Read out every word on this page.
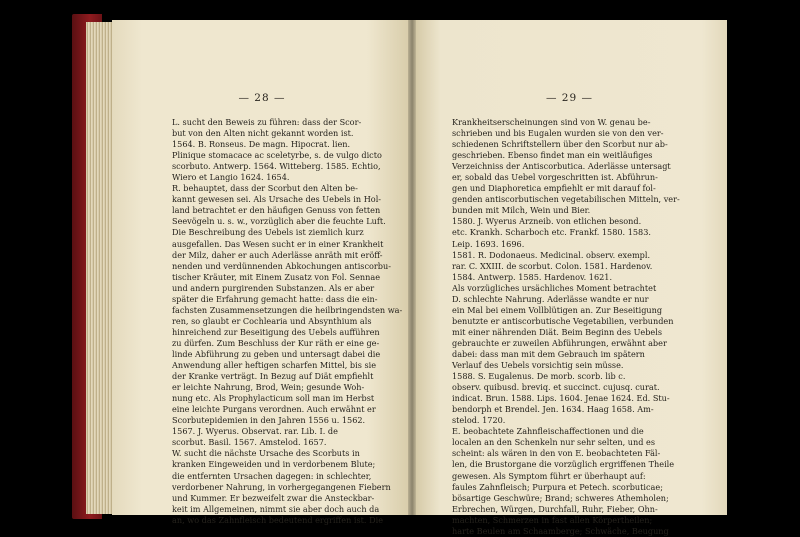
— 28 —
L. sucht den Beweis zu führen: dass der Scor-
but von den Alten nicht gekannt worden ist.
1564. B. Ronseus. De magn. Hipocrat. lien.
Plinique stomacace ac sceletyrbe, s. de vulgo dicto
scorbuto. Antwerp. 1564. Witteberg. 1585. Echtio,
Wiero et Langio 1624. 1654.
R. behauptet, dass der Scorbut den Alten be-
kannt gewesen sei. Als Ursache des Uebels in Hol-
land betrachtet er den häufigen Genuss von fetten
Seevögeln u. s. w., vorzüglich aber die feuchte Luft.
Die Beschreibung des Uebels ist ziemlich kurz
ausgefallen. Das Wesen sucht er in einer Krankheit
der Milz, daher er auch Aderlässe anräth mit eröff-
nenden und verdünnenden Abkochungen antiscorbu-
tischer Kräuter, mit Einem Zusatz von Fol. Sennae
und andern purgirenden Substanzen. Als er aber
später die Erfahrung gemacht hatte: dass die ein-
fachsten Zusammensetzungen die heilbringendsten wa-
ren, so glaubt er Cochlearia und Absynthium als
hinreichend zur Beseitigung des Uebels aufführen
zu dürfen. Zum Beschluss der Kur räth er eine ge-
linde Abführung zu geben und untersagt dabei die
Anwendung aller heftigen scharfen Mittel, bis sie
der Kranke verträgt. In Bezug auf Diät empfiehlt
er leichte Nahrung, Brod, Wein; gesunde Woh-
nung etc. Als Prophylacticum soll man im Herbst
eine leichte Purgans verordnen. Auch erwähnt er
Scorbutepidemien in den Jahren 1556 u. 1562.
1567. J. Wyerus. Observat. rar. Lib. I. de
scorbut. Basil. 1567. Amstelod. 1657.
W. sucht die nächste Ursache des Scorbuts in
kranken Eingeweiden und in verdorbenem Blute;
die entfernten Ursachen dagegen: in schlechter,
verdorbener Nahrung, in vorhergegangenen Fiebern
und Kummer. Er bezweifelt zwar die Ansteckbar-
keit im Allgemeinen, nimmt sie aber doch auch da
an, wo das Zahnfleisch bedeutend ergriffen ist. Die
— 29 —
Krankheitserscheinungen sind von W. genau be-
schrieben und bis Eugalen wurden sie von den ver-
schiedenen Schriftstellern über den Scorbut nur ab-
geschrieben. Ebenso findet man ein weitläufiges
Verzeichniss der Antiscorbutica. Aderlässe untersagt
er, sobald das Uebel vorgeschritten ist. Abführun-
gen und Diaphoretica empfiehlt er mit darauf fol-
genden antiscorbutischen vegetabilischen Mitteln, ver-
bunden mit Milch, Wein und Bier.
1580. J. Wyerus Arzneib. von etlichen besond.
etc. Krankh. Scharboch etc. Frankf. 1580. 1583.
Leip. 1693. 1696.
1581. R. Dodonaeus. Medicinal. observ. exempl.
rar. C. XXIII. de scorbut. Colon. 1581. Hardenov.
1584. Antwerp. 1585. Hardenov. 1621.
Als vorzügliches ursächliches Moment betrachtet
D. schlechte Nahrung. Aderlässe wandte er nur
ein Mal bei einem Vollblütigen an. Zur Beseitigung
benutzte er antiscorbutische Vegetabilien, verbunden
mit einer nährenden Diät. Beim Beginn des Uebels
gebrauchte er zuweilen Abführungen, erwähnt aber
dabei: dass man mit dem Gebrauch im spätern
Verlauf des Uebels vorsichtig sein müsse.
1588. S. Eugalenus. De morb. scorb. lib c.
observ. quibusd. breviq. et succinct. cujusq. curat.
indicat. Brun. 1588. Lips. 1604. Jenae 1624. Ed. Stu-
bendorph et Brendel. Jen. 1634. Haag 1658. Am-
stelod. 1720.
E. beobachtete Zahnfleischaffectionen und die
localen an den Schenkeln nur sehr selten, und es
scheint: als wären in den von E. beobachteten Fäl-
len, die Brustorgane die vorzüglich ergriffenen Theile
gewesen. Als Symptom führt er überhaupt auf:
faules Zahnfleisch; Purpura et Petech. scorbuticae;
bösartige Geschwüre; Brand; schweres Athemholen;
Erbrechen, Würgen, Durchfall, Ruhr, Fieber, Ohn-
machten, Schmerzen in fast allen Körpertheilen;
harte Beulen am Schaamberge; Schwäche, Beugung
